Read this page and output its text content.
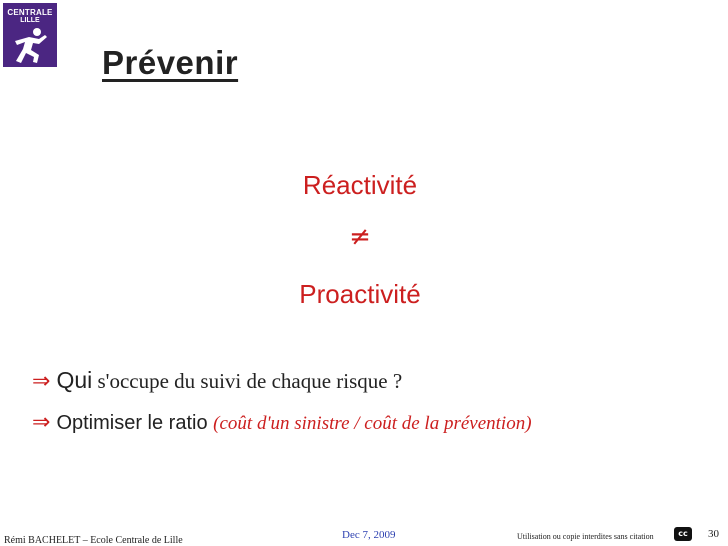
CENTRALE
LILLE
Prévenir
Réactivité
≠
Proactivité
⇒ Qui s'occupe du suivi de chaque risque ?
⇒ Optimiser le ratio (coût d'un sinistre / coût de la prévention)
Rémi BACHELET – Ecole Centrale de Lille	Dec 7, 2009	Utilisation ou copie interdites sans citation	cc	30
